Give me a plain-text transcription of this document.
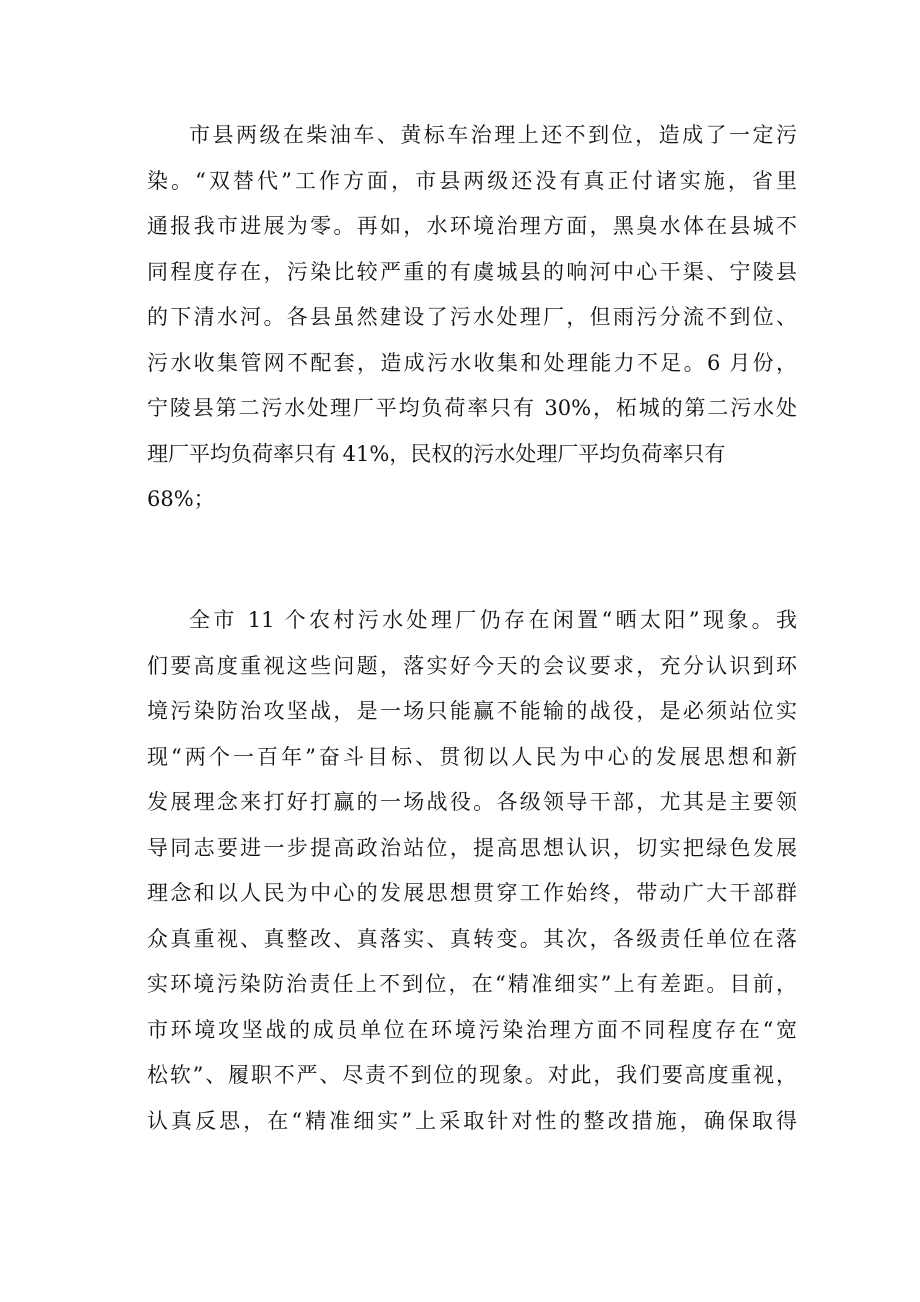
市县两级在柴油车、黄标车治理上还不到位，造成了一定污
染。“双替代”工作方面，市县两级还没有真正付诸实施，省里
通报我市进展为零。再如，水环境治理方面，黑臭水体在县城不
同程度存在，污染比较严重的有虞城县的响河中心干渠、宁陵县
的下清水河。各县虽然建设了污水处理厂，但雨污分流不到位、
污水收集管网不配套，造成污水收集和处理能力不足。6 月份，
宁陵县第二污水处理厂平均负荷率只有 30%，柘城的第二污水处
理厂平均负荷率只有 41%，民权的污水处理厂平均负荷率只有
68%；
全市 11 个农村污水处理厂仍存在闲置“晒太阳”现象。我
们要高度重视这些问题，落实好今天的会议要求，充分认识到环
境污染防治攻坚战，是一场只能赢不能输的战役，是必须站位实
现“两个一百年”奋斗目标、贯彻以人民为中心的发展思想和新
发展理念来打好打赢的一场战役。各级领导干部，尤其是主要领
导同志要进一步提高政治站位，提高思想认识，切实把绿色发展
理念和以人民为中心的发展思想贯穿工作始终，带动广大干部群
众真重视、真整改、真落实、真转变。其次，各级责任单位在落
实环境污染防治责任上不到位，在“精准细实”上有差距。目前，
市环境攻坚战的成员单位在环境污染治理方面不同程度存在“宽
松软”、履职不严、尽责不到位的现象。对此，我们要高度重视，
认真反思，在“精准细实”上采取针对性的整改措施，确保取得
